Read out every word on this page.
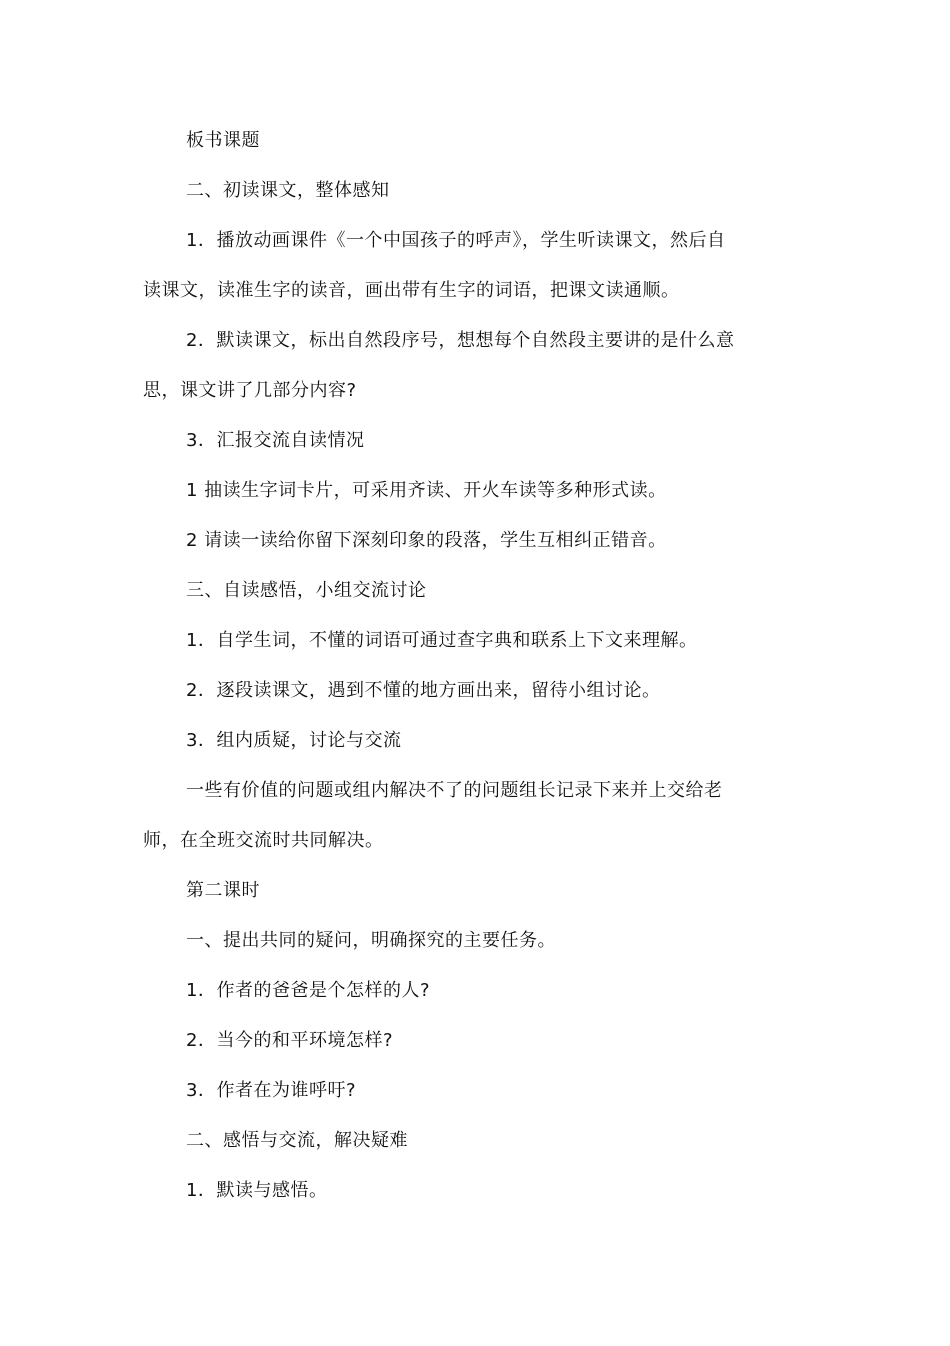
板书课题

二、初读课文，整体感知

1．播放动画课件《一个中国孩子的呼声》，学生听读课文，然后自

读课文，读准生字的读音，画出带有生字的词语，把课文读通顺。

2．默读课文，标出自然段序号，想想每个自然段主要讲的是什么意

思，课文讲了几部分内容?

3．汇报交流自读情况

1 抽读生字词卡片，可采用齐读、开火车读等多种形式读。

2 请读一读给你留下深刻印象的段落，学生互相纠正错音。

三、自读感悟，小组交流讨论

1．自学生词，不懂的词语可通过查字典和联系上下文来理解。

2．逐段读课文，遇到不懂的地方画出来，留待小组讨论。

3．组内质疑，讨论与交流

一些有价值的问题或组内解决不了的问题组长记录下来并上交给老

师，在全班交流时共同解决。

第二课时

一、提出共同的疑问，明确探究的主要任务。

1．作者的爸爸是个怎样的人?

2．当今的和平环境怎样?

3．作者在为谁呼吁?

二、感悟与交流，解决疑难

1．默读与感悟。
